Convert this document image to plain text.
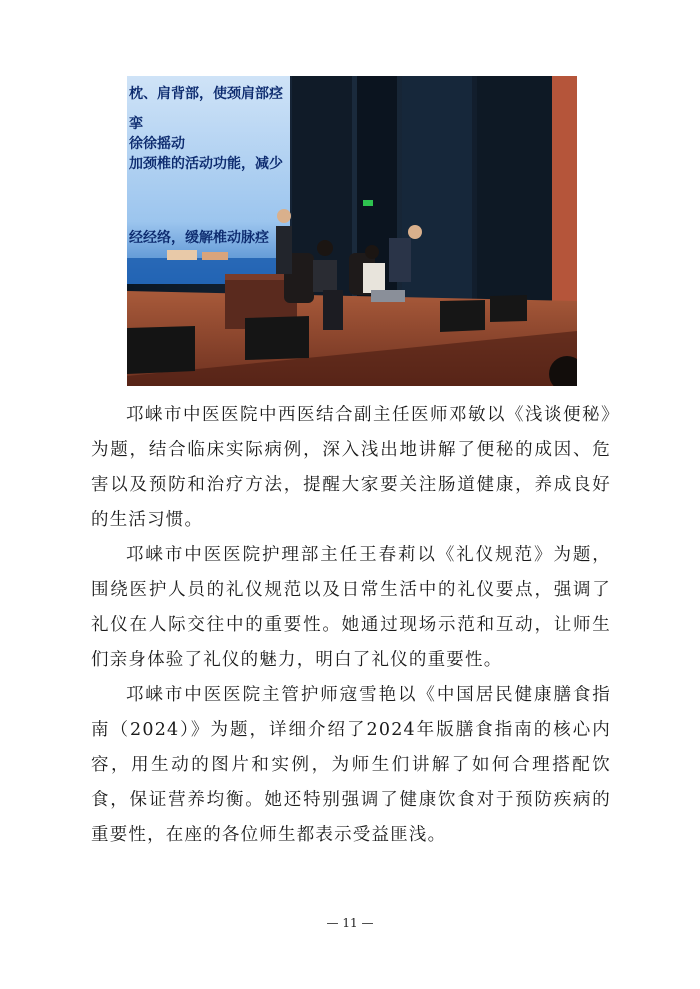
枕、肩背部，使颈肩部痉
挛
徐徐摇动
加颈椎的活动功能，减少
经经络，缓解椎动脉痉

邛崃市中医医院中西医结合副主任医师邓敏以《浅谈便秘》为题，结合临床实际病例，深入浅出地讲解了便秘的成因、危害以及预防和治疗方法，提醒大家要关注肠道健康，养成良好的生活习惯。

邛崃市中医医院护理部主任王春莉以《礼仪规范》为题，围绕医护人员的礼仪规范以及日常生活中的礼仪要点，强调了礼仪在人际交往中的重要性。她通过现场示范和互动，让师生们亲身体验了礼仪的魅力，明白了礼仪的重要性。

邛崃市中医医院主管护师寇雪艳以《中国居民健康膳食指南（2024）》为题，详细介绍了2024年版膳食指南的核心内容，用生动的图片和实例，为师生们讲解了如何合理搭配饮食，保证营养均衡。她还特别强调了健康饮食对于预防疾病的重要性，在座的各位师生都表示受益匪浅。

— 11 —
